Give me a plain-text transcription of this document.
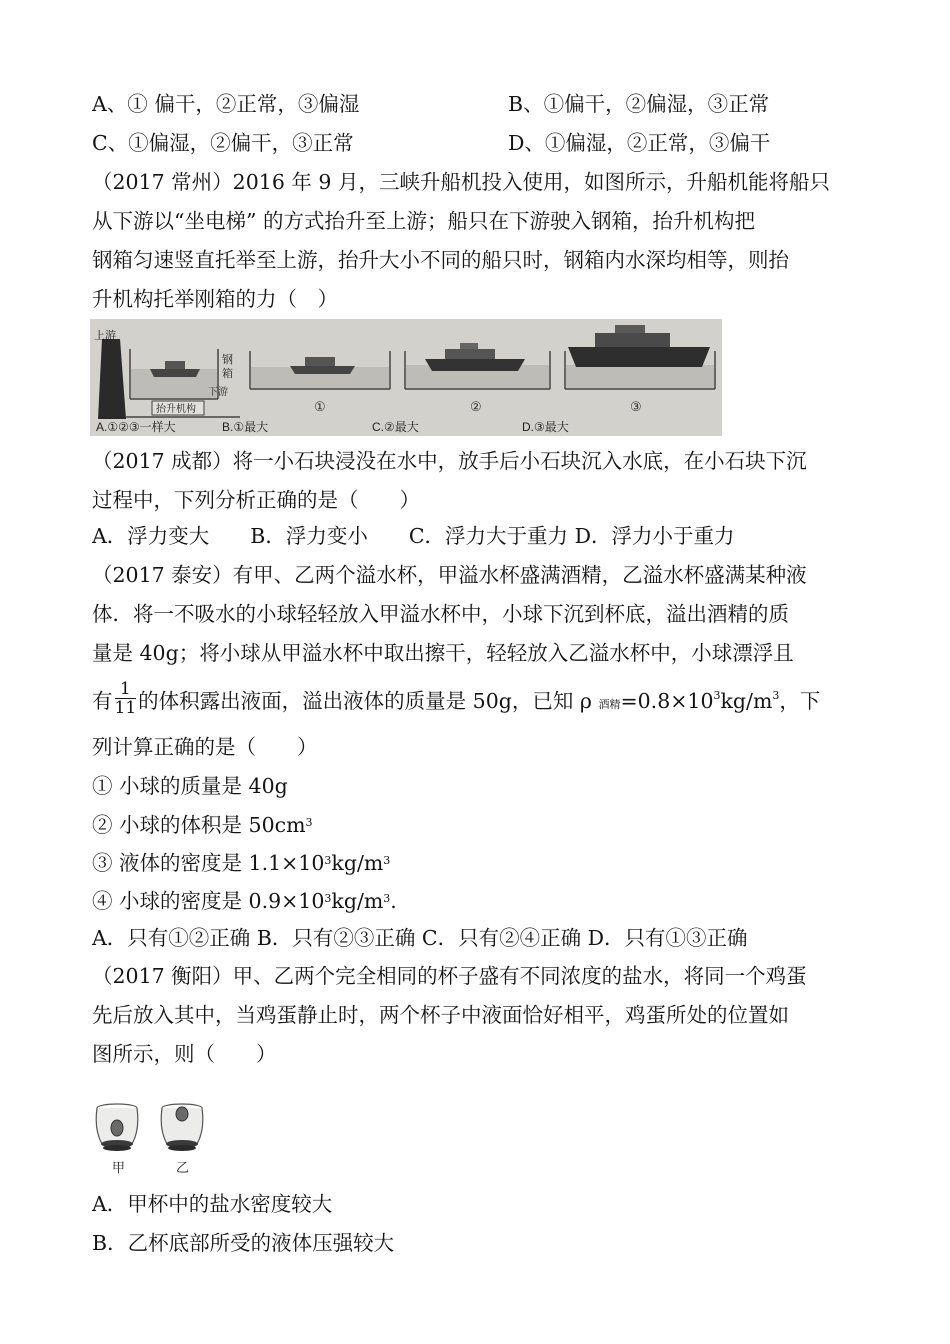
A、① 偏干，②正常，③偏湿	B、①偏干，②偏湿，③正常
C、①偏湿，②偏干，③正常	D、①偏湿，②正常，③偏干
（2017 常州）2016 年 9 月，三峡升船机投入使用，如图所示，升船机能将船只
从下游以“坐电梯” 的方式抬升至上游；船只在下游驶入钢箱，抬升机构把
钢箱匀速竖直托举至上游，抬升大小不同的船只时，钢箱内水深均相等，则抬
升机构托举刚箱的力（　）
上游
钢
箱
抬升机构
下游
①	②	③
A.①②③一样大	B.①最大	C.②最大	D.③最大
（2017 成都）将一小石块浸没在水中，放手后小石块沉入水底，在小石块下沉
过程中，下列分析正确的是（　　）
A．浮力变大　　B．浮力变小　　C．浮力大于重力 D．浮力小于重力
（2017 泰安）有甲、乙两个溢水杯，甲溢水杯盛满酒精，乙溢水杯盛满某种液
体．将一不吸水的小球轻轻放入甲溢水杯中，小球下沉到杯底，溢出酒精的质
量是 40g；将小球从甲溢水杯中取出擦干，轻轻放入乙溢水杯中，小球漂浮且
有 $\frac{1}{11}$ 的体积露出液面，溢出液体的质量是 50g，已知 ρ 酒精$=0.8\times 10^3kg/m^3$，下
列计算正确的是（　　）
① 小球的质量是 40g
② 小球的体积是 $50cm^3$
③ 液体的密度是 $1.1\times 10^3kg/m^3$
④ 小球的密度是 $0.9\times 10^3kg/m^3$.
A．只有①②正确 B．只有②③正确 C．只有②④正确 D．只有①③正确
（2017 衡阳）甲、乙两个完全相同的杯子盛有不同浓度的盐水，将同一个鸡蛋
先后放入其中，当鸡蛋静止时，两个杯子中液面恰好相平，鸡蛋所处的位置如
图所示，则（　　）
甲	乙
A．甲杯中的盐水密度较大
B．乙杯底部所受的液体压强较大
